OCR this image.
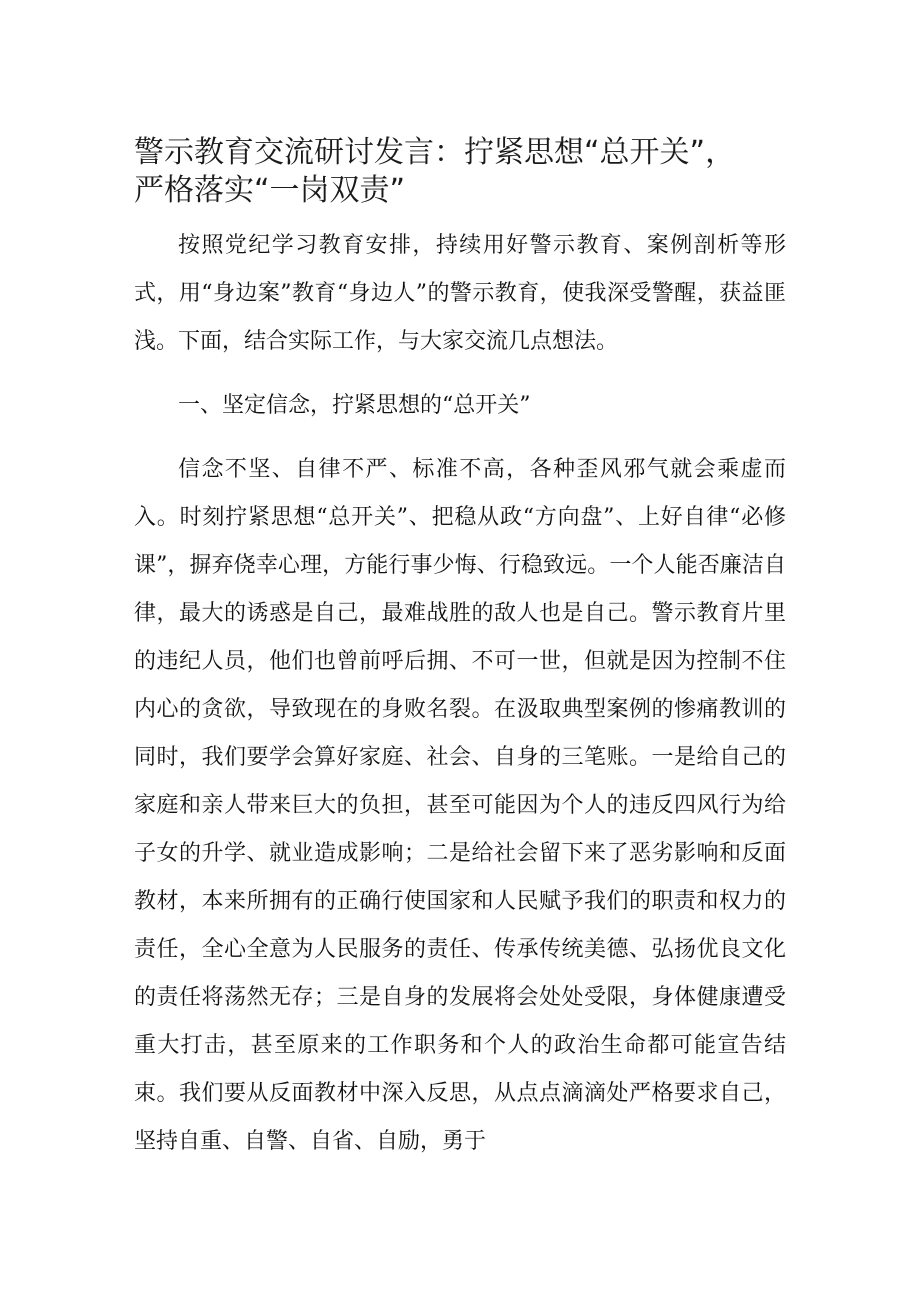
警示教育交流研讨发言：拧紧思想“总开关”，
严格落实“一岗双责”

按照党纪学习教育安排，持续用好警示教育、案例剖析等形式，用“身边案”教育“身边人”的警示教育，使我深受警醒，获益匪浅。下面，结合实际工作，与大家交流几点想法。

一、坚定信念，拧紧思想的“总开关”

信念不坚、自律不严、标准不高，各种歪风邪气就会乘虚而入。时刻拧紧思想“总开关”、把稳从政“方向盘”、上好自律“必修课”，摒弃侥幸心理，方能行事少悔、行稳致远。一个人能否廉洁自律，最大的诱惑是自己，最难战胜的敌人也是自己。警示教育片里的违纪人员，他们也曾前呼后拥、不可一世，但就是因为控制不住内心的贪欲，导致现在的身败名裂。在汲取典型案例的惨痛教训的同时，我们要学会算好家庭、社会、自身的三笔账。一是给自己的家庭和亲人带来巨大的负担，甚至可能因为个人的违反四风行为给子女的升学、就业造成影响；二是给社会留下来了恶劣影响和反面教材，本来所拥有的正确行使国家和人民赋予我们的职责和权力的责任，全心全意为人民服务的责任、传承传统美德、弘扬优良文化的责任将荡然无存；三是自身的发展将会处处受限，身体健康遭受重大打击，甚至原来的工作职务和个人的政治生命都可能宣告结束。我们要从反面教材中深入反思，从点点滴滴处严格要求自己，坚持自重、自警、自省、自励，勇于
